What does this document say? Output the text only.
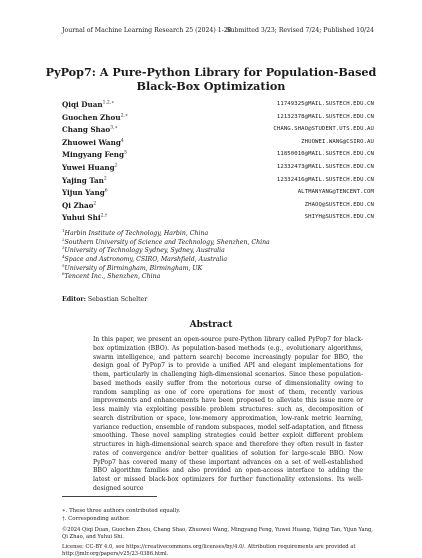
Journal of Machine Learning Research 25 (2024) 1-28
Submitted 3/23; Revised 7/24; Published 10/24
PyPop7: A Pure-Python Library for Population-Based
Black-Box Optimization
Qiqi Duan$^{1,2,∗}$	11749325@MAIL.SUSTECH.EDU.CN
Guochen Zhou$^{2,∗}$	12132378@MAIL.SUSTECH.EDU.CN
Chang Shao$^{3,∗}$	CHANG.SHAO@STUDENT.UTS.EDU.AU
Zhuowei Wang$^4$	ZHUOWEI.WANG@CSIRO.AU
Mingyang Feng$^5$	11850010@MAIL.SUSTECH.EDU.CN
Yuwei Huang$^2$	12332473@MAIL.SUSTECH.EDU.CN
Yajing Tan$^2$	12332416@MAIL.SUSTECH.EDU.CN
Yijun Yang$^6$	ALTMANYANG@TENCENT.COM
Qi Zhao$^2$	ZHAOQ@SUSTECH.EDU.CN
Yuhui Shi$^{2,\dagger}$	SHIYH@SUSTECH.EDU.CN
$^1$Harbin Institute of Technology, Harbin, China
$^2$Southern University of Science and Technology, Shenzhen, China
$^3$University of Technology Sydney, Sydney, Australia
$^4$Space and Astronomy, CSIRO, Marshfield, Australia
$^5$University of Birmingham, Birmingham, UK
$^6$Tencent Inc., Shenzhen, China
Editor: Sebastian Schelter
Abstract
In this paper, we present an open-source pure-Python library called PyPop7 for black-box optimization (BBO). As population-based methods (e.g., evolutionary algorithms, swarm intelligence, and pattern search) become increasingly popular for BBO, the design goal of PyPop7 is to provide a unified API and elegant implementations for them, particularly in challenging high-dimensional scenarios. Since these population-based methods easily suffer from the notorious curse of dimensionality owing to random sampling as one of core operations for most of them, recently various improvements and enhancements have been proposed to alleviate this issue more or less mainly via exploiting possible problem structures: such as, decomposition of search distribution or space, low-memory approximation, low-rank metric learning, variance reduction, ensemble of random subspaces, model self-adaptation, and fitness smoothing. These novel sampling strategies could better exploit different problem structures in high-dimensional search space and therefore they often result in faster rates of convergence and/or better qualities of solution for large-scale BBO. Now PyPop7 has covered many of these important advances on a set of well-established BBO algorithm families and also provided an open-access interface to adding the latest or missed black-box optimizers for further functionality extensions. Its well-designed source
∗. These three authors contributed equally.
†. Corresponding author.
©2024 Qiqi Duan, Guochen Zhou, Chang Shao, Zhuowei Wang, Mingyang Feng, Yuwei Huang, Yajing Tan, Yijun Yang, Qi Zhao, and Yuhui Shi.
License: CC-BY 4.0, see https://creativecommons.org/licenses/by/4.0/. Attribution requirements are provided at http://jmlr.org/papers/v25/23-0386.html.
